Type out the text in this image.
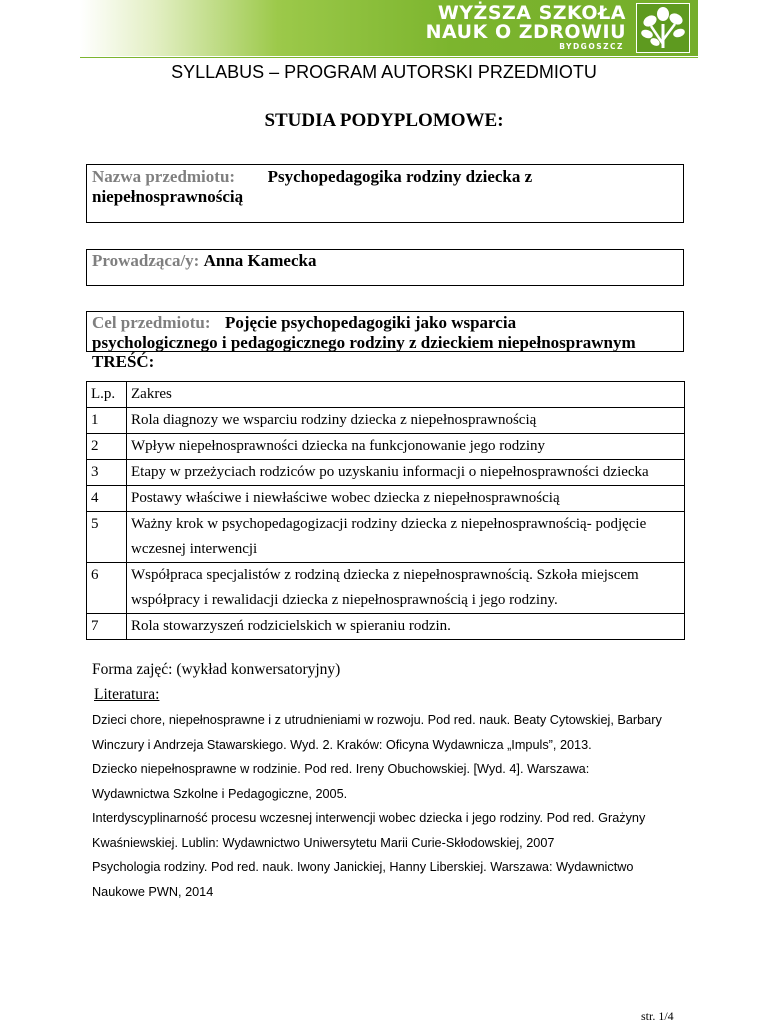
WYŻSZA SZKOŁA
NAUK O ZDROWIU
BYDGOSZCZ
SYLLABUS – PROGRAM AUTORSKI PRZEDMIOTU
STUDIA PODYPLOMOWE:
Nazwa przedmiotu: Psychopedagogika rodziny dziecka z
niepełnosprawnością
Prowadząca/y: Anna Kamecka
Cel przedmiotu: Pojęcie psychopedagogiki jako wsparcia
psychologicznego i pedagogicznego rodziny z dzieckiem niepełnosprawnym
TREŚĆ:
L.p.	Zakres
1	Rola diagnozy we wsparciu rodziny dziecka z niepełnosprawnością
2	Wpływ niepełnosprawności dziecka na funkcjonowanie jego rodziny
3	Etapy w przeżyciach rodziców po uzyskaniu informacji o niepełnosprawności dziecka
4	Postawy właściwe i niewłaściwe wobec dziecka z niepełnosprawnością
5	Ważny krok w psychopedagogizacji rodziny dziecka z niepełnosprawnością- podjęcie
wczesnej interwencji
6	Współpraca specjalistów z rodziną dziecka z niepełnosprawnością. Szkoła miejscem
współpracy i rewalidacji dziecka z niepełnosprawnością i jego rodziny.
7	Rola stowarzyszeń rodzicielskich w spieraniu rodzin.
Forma zajęć: (wykład konwersatoryjny)
Literatura:

Dzieci chore, niepełnosprawne i z utrudnieniami w rozwoju. Pod red. nauk. Beaty Cytowskiej, Barbary
Winczury i Andrzeja Stawarskiego. Wyd. 2. Kraków: Oficyna Wydawnicza „Impuls”, 2013.

Dziecko niepełnosprawne w rodzinie. Pod red. Ireny Obuchowskiej. [Wyd. 4]. Warszawa:
Wydawnictwa Szkolne i Pedagogiczne, 2005.

Interdyscyplinarność procesu wczesnej interwencji wobec dziecka i jego rodziny. Pod red. Grażyny
Kwaśniewskiej. Lublin: Wydawnictwo Uniwersytetu Marii Curie-Skłodowskiej, 2007

Psychologia rodziny. Pod red. nauk. Iwony Janickiej, Hanny Liberskiej. Warszawa: Wydawnictwo
Naukowe PWN, 2014

str. 1/4
